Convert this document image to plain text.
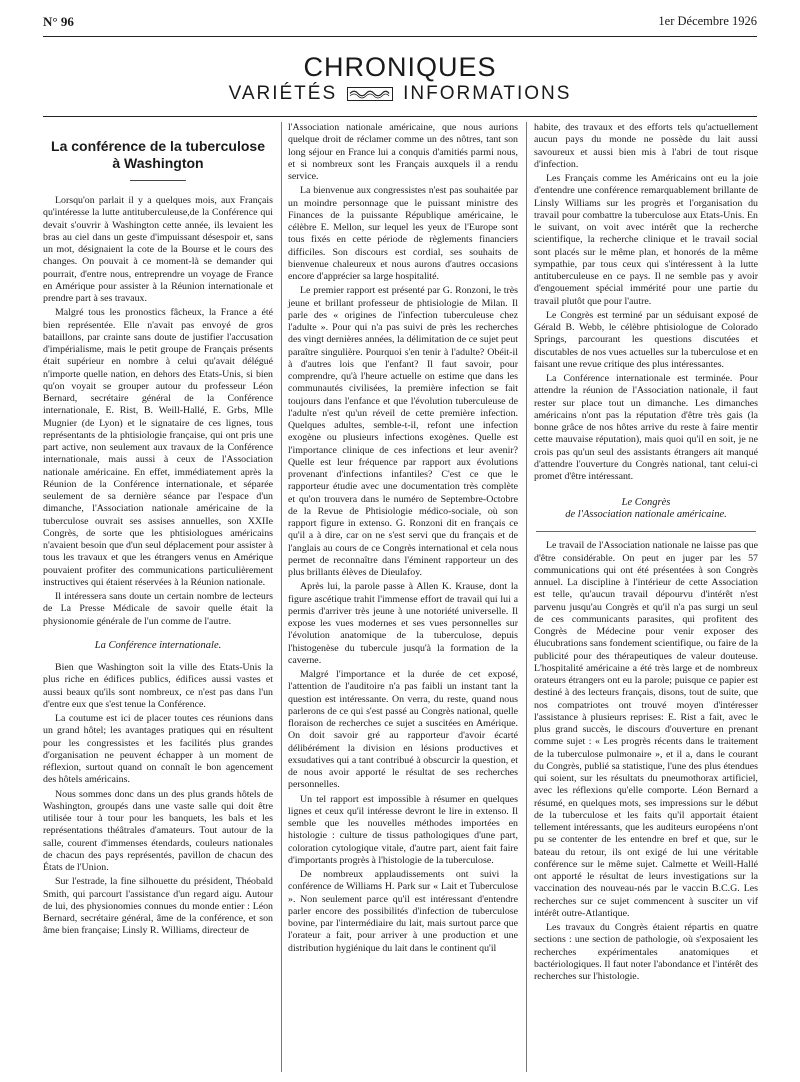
N° 96	1er Décembre 1926
CHRONIQUES
VARIÉTÉS	INFORMATIONS
La conférence de la tuberculose
à Washington

Lorsqu'on parlait il y a quelques mois, aux Français qu'intéresse la lutte antituberculeuse,de la Conférence qui devait s'ouvrir à Washington cette année, ils levaient les bras au ciel dans un geste d'impuissant désespoir et, sans un mot, désignaient la cote de la Bourse et le cours des changes. On pouvait à ce moment-là se demander qui pourrait, d'entre nous, entreprendre un voyage de France en Amérique pour assister à la Réunion internationale et prendre part à ses travaux.

Malgré tous les pronostics fâcheux, la France a été bien représentée. Elle n'avait pas envoyé de gros bataillons, par crainte sans doute de justifier l'accusation d'impérialisme, mais le petit groupe de Français présents était supérieur en nombre à celui qu'avait délégué n'importe quelle nation, en dehors des Etats-Unis, si bien qu'on voyait se grouper autour du professeur Léon Bernard, secrétaire général de la Conférence internationale, E. Rist, B. Weill-Hallé, E. Grbs, Mlle Mugnier (de Lyon) et le signataire de ces lignes, tous représentants de la phtisiologie française, qui ont pris une part active, non seulement aux travaux de la Conférence internationale, mais aussi à ceux de l'Association nationale américaine. En effet, immédiatement après la Réunion de la Conférence internationale, et séparée seulement de sa dernière séance par l'espace d'un dimanche, l'Association nationale américaine de la tuberculose ouvrait ses assises annuelles, son XXIIe Congrès, de sorte que les phtisiologues américains n'avaient besoin que d'un seul déplacement pour assister à tous les travaux et que les étrangers venus en Amérique pouvaient profiter des communications particulièrement instructives qui étaient réservées à la Réunion nationale.

Il intéressera sans doute un certain nombre de lecteurs de La Presse Médicale de savoir quelle était la physionomie générale de l'un comme de l'autre.

La Conférence internationale.

Bien que Washington soit la ville des Etats-Unis la plus riche en édifices publics, édifices aussi vastes et aussi beaux qu'ils sont nombreux, ce n'est pas dans l'un d'entre eux que s'est tenue la Conférence.

La coutume est ici de placer toutes ces réunions dans un grand hôtel; les avantages pratiques qui en résultent pour les congressistes et les facilités plus grandes d'organisation ne peuvent échapper à un moment de réflexion, surtout quand on connaît le bon agencement des hôtels américains.

Nous sommes donc dans un des plus grands hôtels de Washington, groupés dans une vaste salle qui doit être utilisée tour à tour pour les banquets, les bals et les représentations théâtrales d'amateurs. Tout autour de la salle, courent d'immenses étendards, couleurs nationales de chacun des pays représentés, pavillon de chacun des États de l'Union.

Sur l'estrade, la fine silhouette du président, Théobald Smith, qui parcourt l'assistance d'un regard aigu. Autour de lui, des physionomies connues du monde entier : Léon Bernard, secrétaire général, âme de la conférence, et son âme bien française; Linsly R. Williams, directeur de

l'Association nationale américaine, que nous aurions quelque droit de réclamer comme un des nôtres, tant son long séjour en France lui a conquis d'amitiés parmi nous, et si nombreux sont les Français auxquels il a rendu service.

La bienvenue aux congressistes n'est pas souhaitée par un moindre personnage que le puissant ministre des Finances de la puissante République américaine, le célèbre E. Mellon, sur lequel les yeux de l'Europe sont tous fixés en cette période de règlements financiers difficiles. Son discours est cordial, ses souhaits de bienvenue chaleureux et nous aurons d'autres occasions encore d'apprécier sa large hospitalité.

Le premier rapport est présenté par G. Ronzoni, le très jeune et brillant professeur de phtisiologie de Milan. Il parle des « origines de l'infection tuberculeuse chez l'adulte ». Pour qui n'a pas suivi de près les recherches des vingt dernières années, la délimitation de ce sujet peut paraître singulière. Pourquoi s'en tenir à l'adulte? Obéit-il à d'autres lois que l'enfant? Il faut savoir, pour comprendre, qu'à l'heure actuelle on estime que dans les communautés civilisées, la première infection se fait toujours dans l'enfance et que l'évolution tuberculeuse de l'adulte n'est qu'un réveil de cette première infection. Quelques adultes, semble-t-il, refont une infection exogène ou plusieurs infections exogènes. Quelle est l'importance clinique de ces infections et leur avenir? Quelle est leur fréquence par rapport aux évolutions provenant d'infections infantiles? C'est ce que le rapporteur étudie avec une documentation très complète et qu'on trouvera dans le numéro de Septembre-Octobre de la Revue de Phtisiologie médico-sociale, où son rapport figure in extenso. G. Ronzoni dit en français ce qu'il a à dire, car on ne s'est servi que du français et de l'anglais au cours de ce Congrès international et cela nous permet de reconnaître dans l'éminent rapporteur un des plus brillants élèves de Dieulafoy.

Après lui, la parole passe à Allen K. Krause, dont la figure ascétique trahit l'immense effort de travail qui lui a permis d'arriver très jeune à une notoriété universelle. Il expose les vues modernes et ses vues personnelles sur l'évolution anatomique de la tuberculose, depuis l'histogenèse du tubercule jusqu'à la formation de la caverne.

Malgré l'importance et la durée de cet exposé, l'attention de l'auditoire n'a pas faibli un instant tant la question est intéressante. On verra, du reste, quand nous parlerons de ce qui s'est passé au Congrès national, quelle floraison de recherches ce sujet a suscitées en Amérique. On doit savoir gré au rapporteur d'avoir écarté délibérément la division en lésions productives et exsudatives qui a tant contribué à obscurcir la question, et de nous avoir apporté le résultat de ses recherches personnelles.

Un tel rapport est impossible à résumer en quelques lignes et ceux qu'il intéresse devront le lire in extenso. Il semble que les nouvelles méthodes importées en histologie : culture de tissus pathologiques d'une part, coloration cytologique vitale, d'autre part, aient fait faire d'importants progrès à l'histologie de la tuberculose.

De nombreux applaudissements ont suivi la conférence de Williams H. Park sur « Lait et Tuberculose ». Non seulement parce qu'il est intéressant d'entendre parler encore des possibilités d'infection de tuberculose bovine, par l'intermédiaire du lait, mais surtout parce que l'orateur a fait, pour arriver à une production et une distribution hygiénique du lait dans le continent qu'il

habite, des travaux et des efforts tels qu'actuellement aucun pays du monde ne possède du lait aussi savoureux et aussi bien mis à l'abri de tout risque d'infection.

Les Français comme les Américains ont eu la joie d'entendre une conférence remarquablement brillante de Linsly Williams sur les progrès et l'organisation du travail pour combattre la tuberculose aux Etats-Unis. En le suivant, on voit avec intérêt que la recherche scientifique, la recherche clinique et le travail social sont placés sur le même plan, et honorés de la même sympathie, par tous ceux qui s'intéressent à la lutte antituberculeuse en ce pays. Il ne semble pas y avoir d'engouement spécial immérité pour une partie du travail plutôt que pour l'autre.

Le Congrès est terminé par un séduisant exposé de Gérald B. Webb, le célèbre phtisiologue de Colorado Springs, parcourant les questions discutées et discutables de nos vues actuelles sur la tuberculose et en faisant une revue critique des plus intéressantes.

La Conférence internationale est terminée. Pour attendre la réunion de l'Association nationale, il faut rester sur place tout un dimanche. Les dimanches américains n'ont pas la réputation d'être très gais (la bonne grâce de nos hôtes arrive du reste à faire mentir cette mauvaise réputation), mais quoi qu'il en soit, je ne crois pas qu'un seul des assistants étrangers ait manqué d'attendre l'ouverture du Congrès national, tant celui-ci promet d'être intéressant.

Le Congrès
de l'Association nationale américaine.

Le travail de l'Association nationale ne laisse pas que d'être considérable. On peut en juger par les 57 communications qui ont été présentées à son Congrès annuel. La discipline à l'intérieur de cette Association est telle, qu'aucun travail dépourvu d'intérêt n'est parvenu jusqu'au Congrès et qu'il n'a pas surgi un seul de ces communicants parasites, qui profitent des Congrès de Médecine pour venir exposer des élucubrations sans fondement scientifique, ou faire de la publicité pour des thérapeutiques de valeur douteuse. L'hospitalité américaine a été très large et de nombreux orateurs étrangers ont eu la parole; puisque ce papier est destiné à des lecteurs français, disons, tout de suite, que nos compatriotes ont trouvé moyen d'intéresser l'assistance à plusieurs reprises: E. Rist a fait, avec le plus grand succès, le discours d'ouverture en prenant comme sujet : « Les progrès récents dans le traitement de la tuberculose pulmonaire », et il a, dans le courant du Congrès, publié sa statistique, l'une des plus étendues qui soient, sur les résultats du pneumothorax artificiel, avec les réflexions qu'elle comporte. Léon Bernard a résumé, en quelques mots, ses impressions sur le début de la tuberculose et les faits qu'il apportait étaient tellement intéressants, que les auditeurs européens n'ont pu se contenter de les entendre en bref et que, sur le bateau du retour, ils ont exigé de lui une véritable conférence sur le même sujet. Calmette et Weill-Hallé ont apporté le résultat de leurs investigations sur la vaccination des nouveau-nés par le vaccin B.C.G. Les recherches sur ce sujet commencent à susciter un vif intérêt outre-Atlantique.

Les travaux du Congrès étaient répartis en quatre sections : une section de pathologie, où s'exposaient les recherches expérimentales anatomiques et bactériologiques. Il faut noter l'abondance et l'intérêt des recherches sur l'histologie.
